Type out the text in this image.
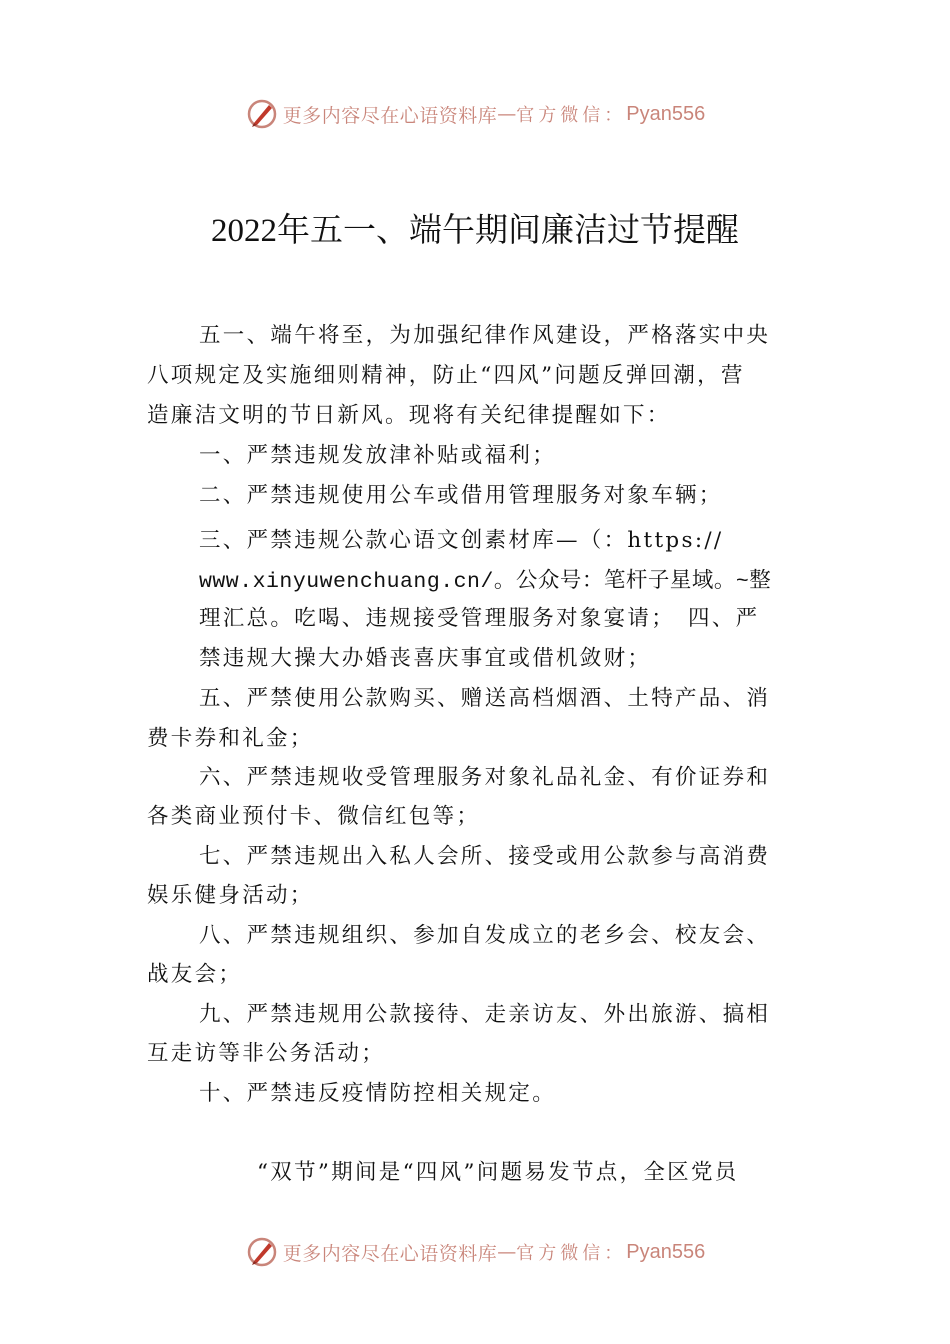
更多内容尽在心语资料库 — 官方微信： Pyan556
2022年五一、端午期间廉洁过节提醒
五一、端午将至，为加强纪律作风建设，严格落实中央
八项规定及实施细则精神，防止“四风”问题反弹回潮，营
造廉洁文明的节日新风。现将有关纪律提醒如下：
一、严禁违规发放津补贴或福利；
二、严禁违规使用公车或借用管理服务对象车辆；
三、严禁违规公款心语文创素材库—（：https://
www.xinyuwenchuang.cn/。公众号：笔杆子星域。~整
理汇总。吃喝、违规接受管理服务对象宴请；　四、严
禁违规大操大办婚丧喜庆事宜或借机敛财；
五、严禁使用公款购买、赠送高档烟酒、土特产品、消
费卡券和礼金；
六、严禁违规收受管理服务对象礼品礼金、有价证券和
各类商业预付卡、微信红包等；
七、严禁违规出入私人会所、接受或用公款参与高消费
娱乐健身活动；
八、严禁违规组织、参加自发成立的老乡会、校友会、
战友会；
九、严禁违规用公款接待、走亲访友、外出旅游、搞相
互走访等非公务活动；
十、严禁违反疫情防控相关规定。
“双节”期间是“四风”问题易发节点，全区党员
更多内容尽在心语资料库 — 官方微信： Pyan556
